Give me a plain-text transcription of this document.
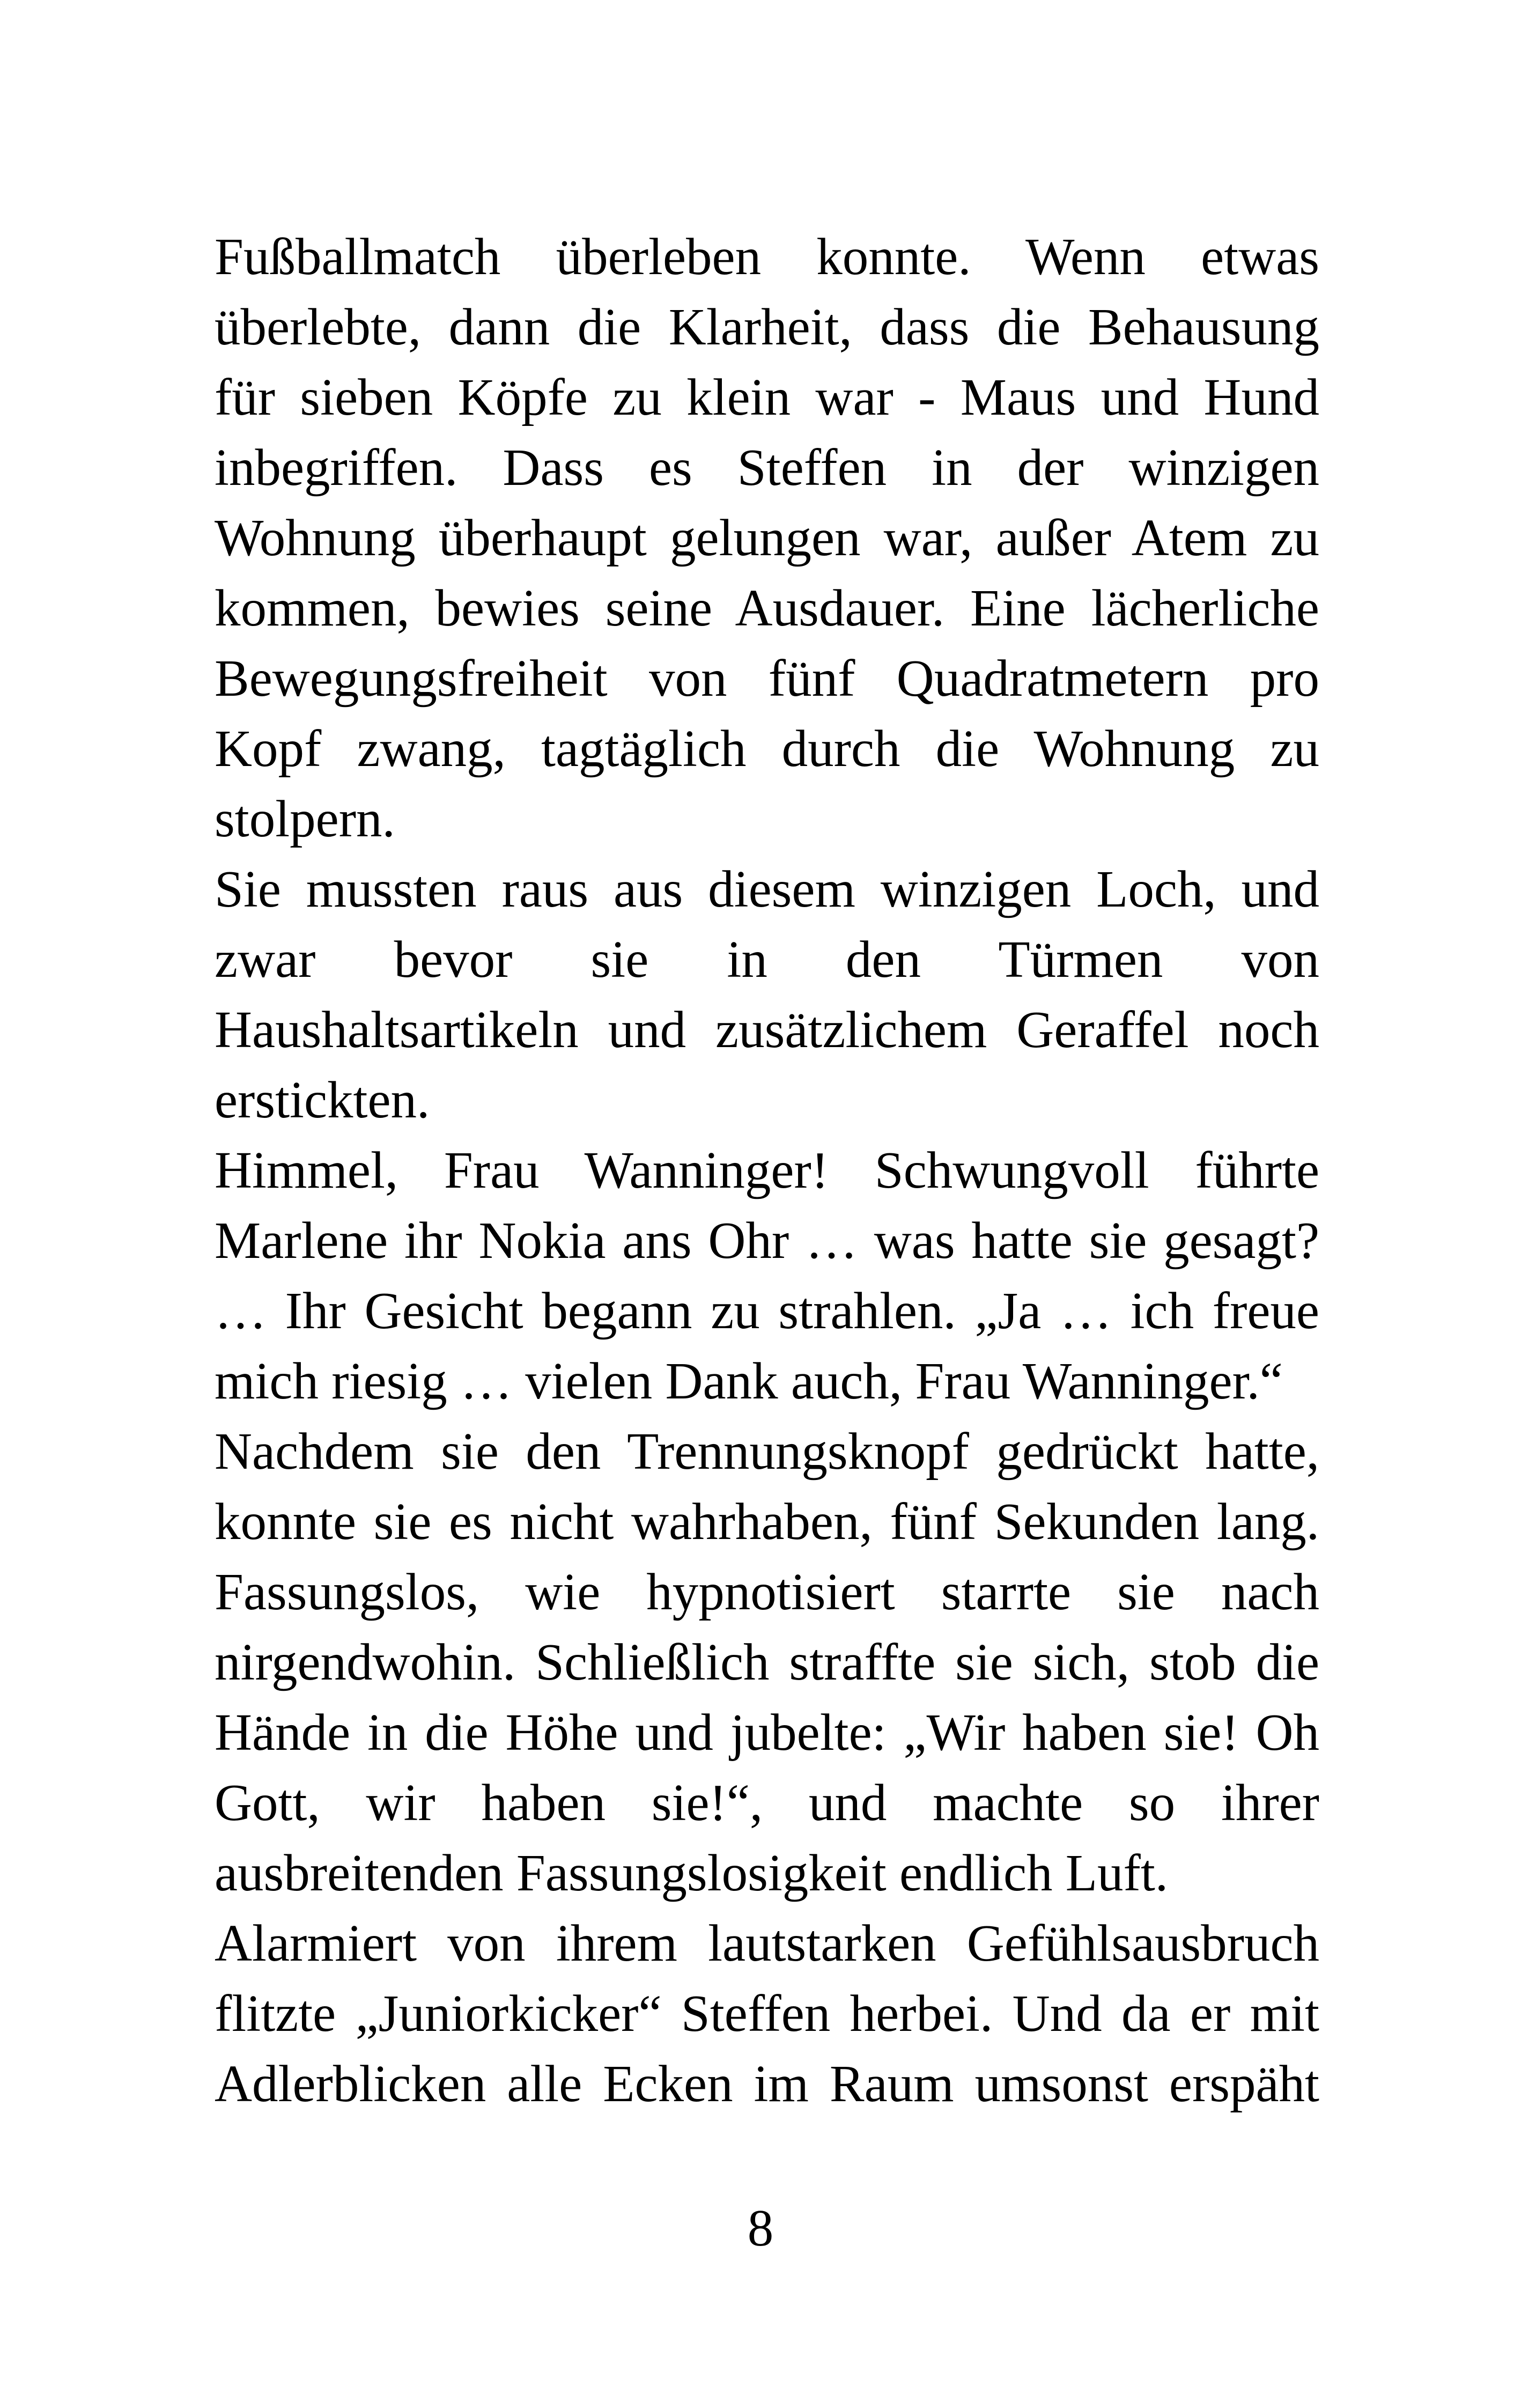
Fußballmatch überleben konnte. Wenn etwas
überlebte, dann die Klarheit, dass die Behausung
für sieben Köpfe zu klein war - Maus und Hund
inbegriffen. Dass es Steffen in der winzigen
Wohnung überhaupt gelungen war, außer Atem zu
kommen, bewies seine Ausdauer. Eine lächerliche
Bewegungsfreiheit von fünf Quadratmetern pro
Kopf zwang, tagtäglich durch die Wohnung zu
stolpern.
Sie mussten raus aus diesem winzigen Loch, und
zwar bevor sie in den Türmen von
Haushaltsartikeln und zusätzlichem Geraffel noch
erstickten.
Himmel, Frau Wanninger! Schwungvoll führte
Marlene ihr Nokia ans Ohr … was hatte sie gesagt?
… Ihr Gesicht begann zu strahlen. „Ja … ich freue
mich riesig … vielen Dank auch, Frau Wanninger.“
Nachdem sie den Trennungsknopf gedrückt hatte,
konnte sie es nicht wahrhaben, fünf Sekunden lang.
Fassungslos, wie hypnotisiert starrte sie nach
nirgendwohin. Schließlich straffte sie sich, stob die
Hände in die Höhe und jubelte: „Wir haben sie! Oh
Gott, wir haben sie!“, und machte so ihrer
ausbreitenden Fassungslosigkeit endlich Luft.
Alarmiert von ihrem lautstarken Gefühlsausbruch
flitzte „Juniorkicker“ Steffen herbei. Und da er mit
Adlerblicken alle Ecken im Raum umsonst erspäht
8
